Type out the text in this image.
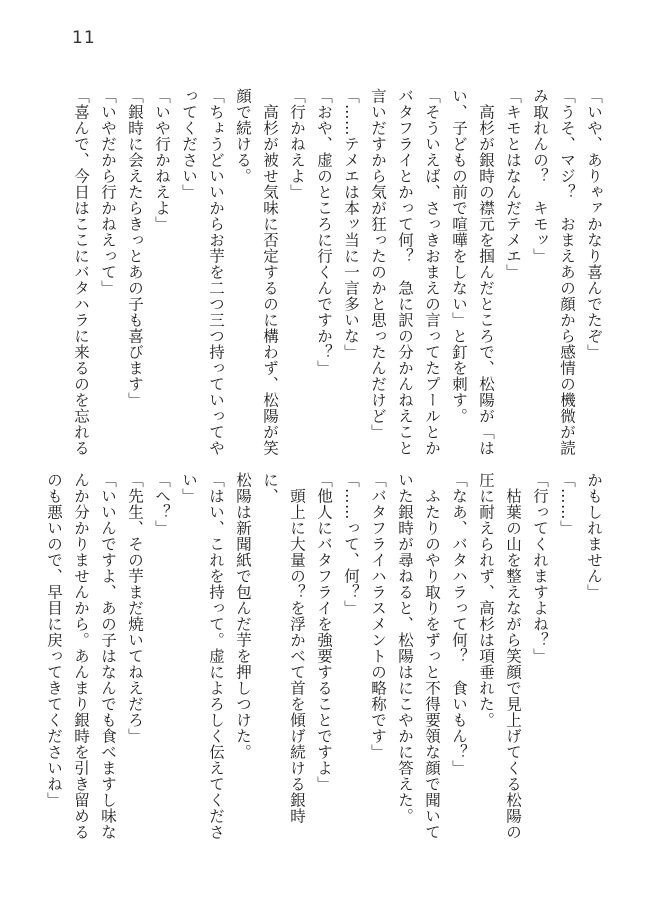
11

「いや、ありゃァかなり喜んでたぞ」

「うそ、マジ？　おまえあの顔から感情の機微が読

み取れんの？　キモッ」

「キモとはなんだテメエ」

　高杉が銀時の襟元を掴んだところで、松陽が「は

い、子どもの前で喧嘩をしない」と釘を刺す。

「そういえば、さっきおまえの言ってたプールとか

バタフライとかって何？　急に訳の分かんねえこと

言いだすから気が狂ったのかと思ったんだけど」

「……テメエは本ッ当に一言多いな」

「おや、虚のところに行くんですか？」

「行かねえよ」

　高杉が被せ気味に否定するのに構わず、松陽が笑

顔で続ける。

「ちょうどいいからお芋を二つ三つ持っていってや

ってください」

「いや行かねえよ」

「銀時に会えたらきっとあの子も喜びます」

「いやだから行かねえって」

「喜んで、今日はここにバタハラに来るのを忘れる

かもしれません」

「……」

「行ってくれますよね？」

　枯葉の山を整えながら笑顔で見上げてくる松陽の

圧に耐えられず、高杉は項垂れた。

「なあ、バタハラって何？　食いもん？」

　ふたりのやり取りをずっと不得要領な顔で聞いて

いた銀時が尋ねると、松陽はにこやかに答えた。

「バタフライハラスメントの略称です」

「……って、何？」

「他人にバタフライを強要することですよ」

　頭上に大量の？を浮かべて首を傾げ続ける銀時に、

松陽は新聞紙で包んだ芋を押しつけた。

「はい、これを持って。虚によろしく伝えてくださ

い」

「へ？」

「先生、その芋まだ焼いてねえだろ」

「いいんですよ、あの子はなんでも食べますし味な

んか分かりませんから。あんまり銀時を引き留める

のも悪いので、早目に戻ってきてくださいね」
